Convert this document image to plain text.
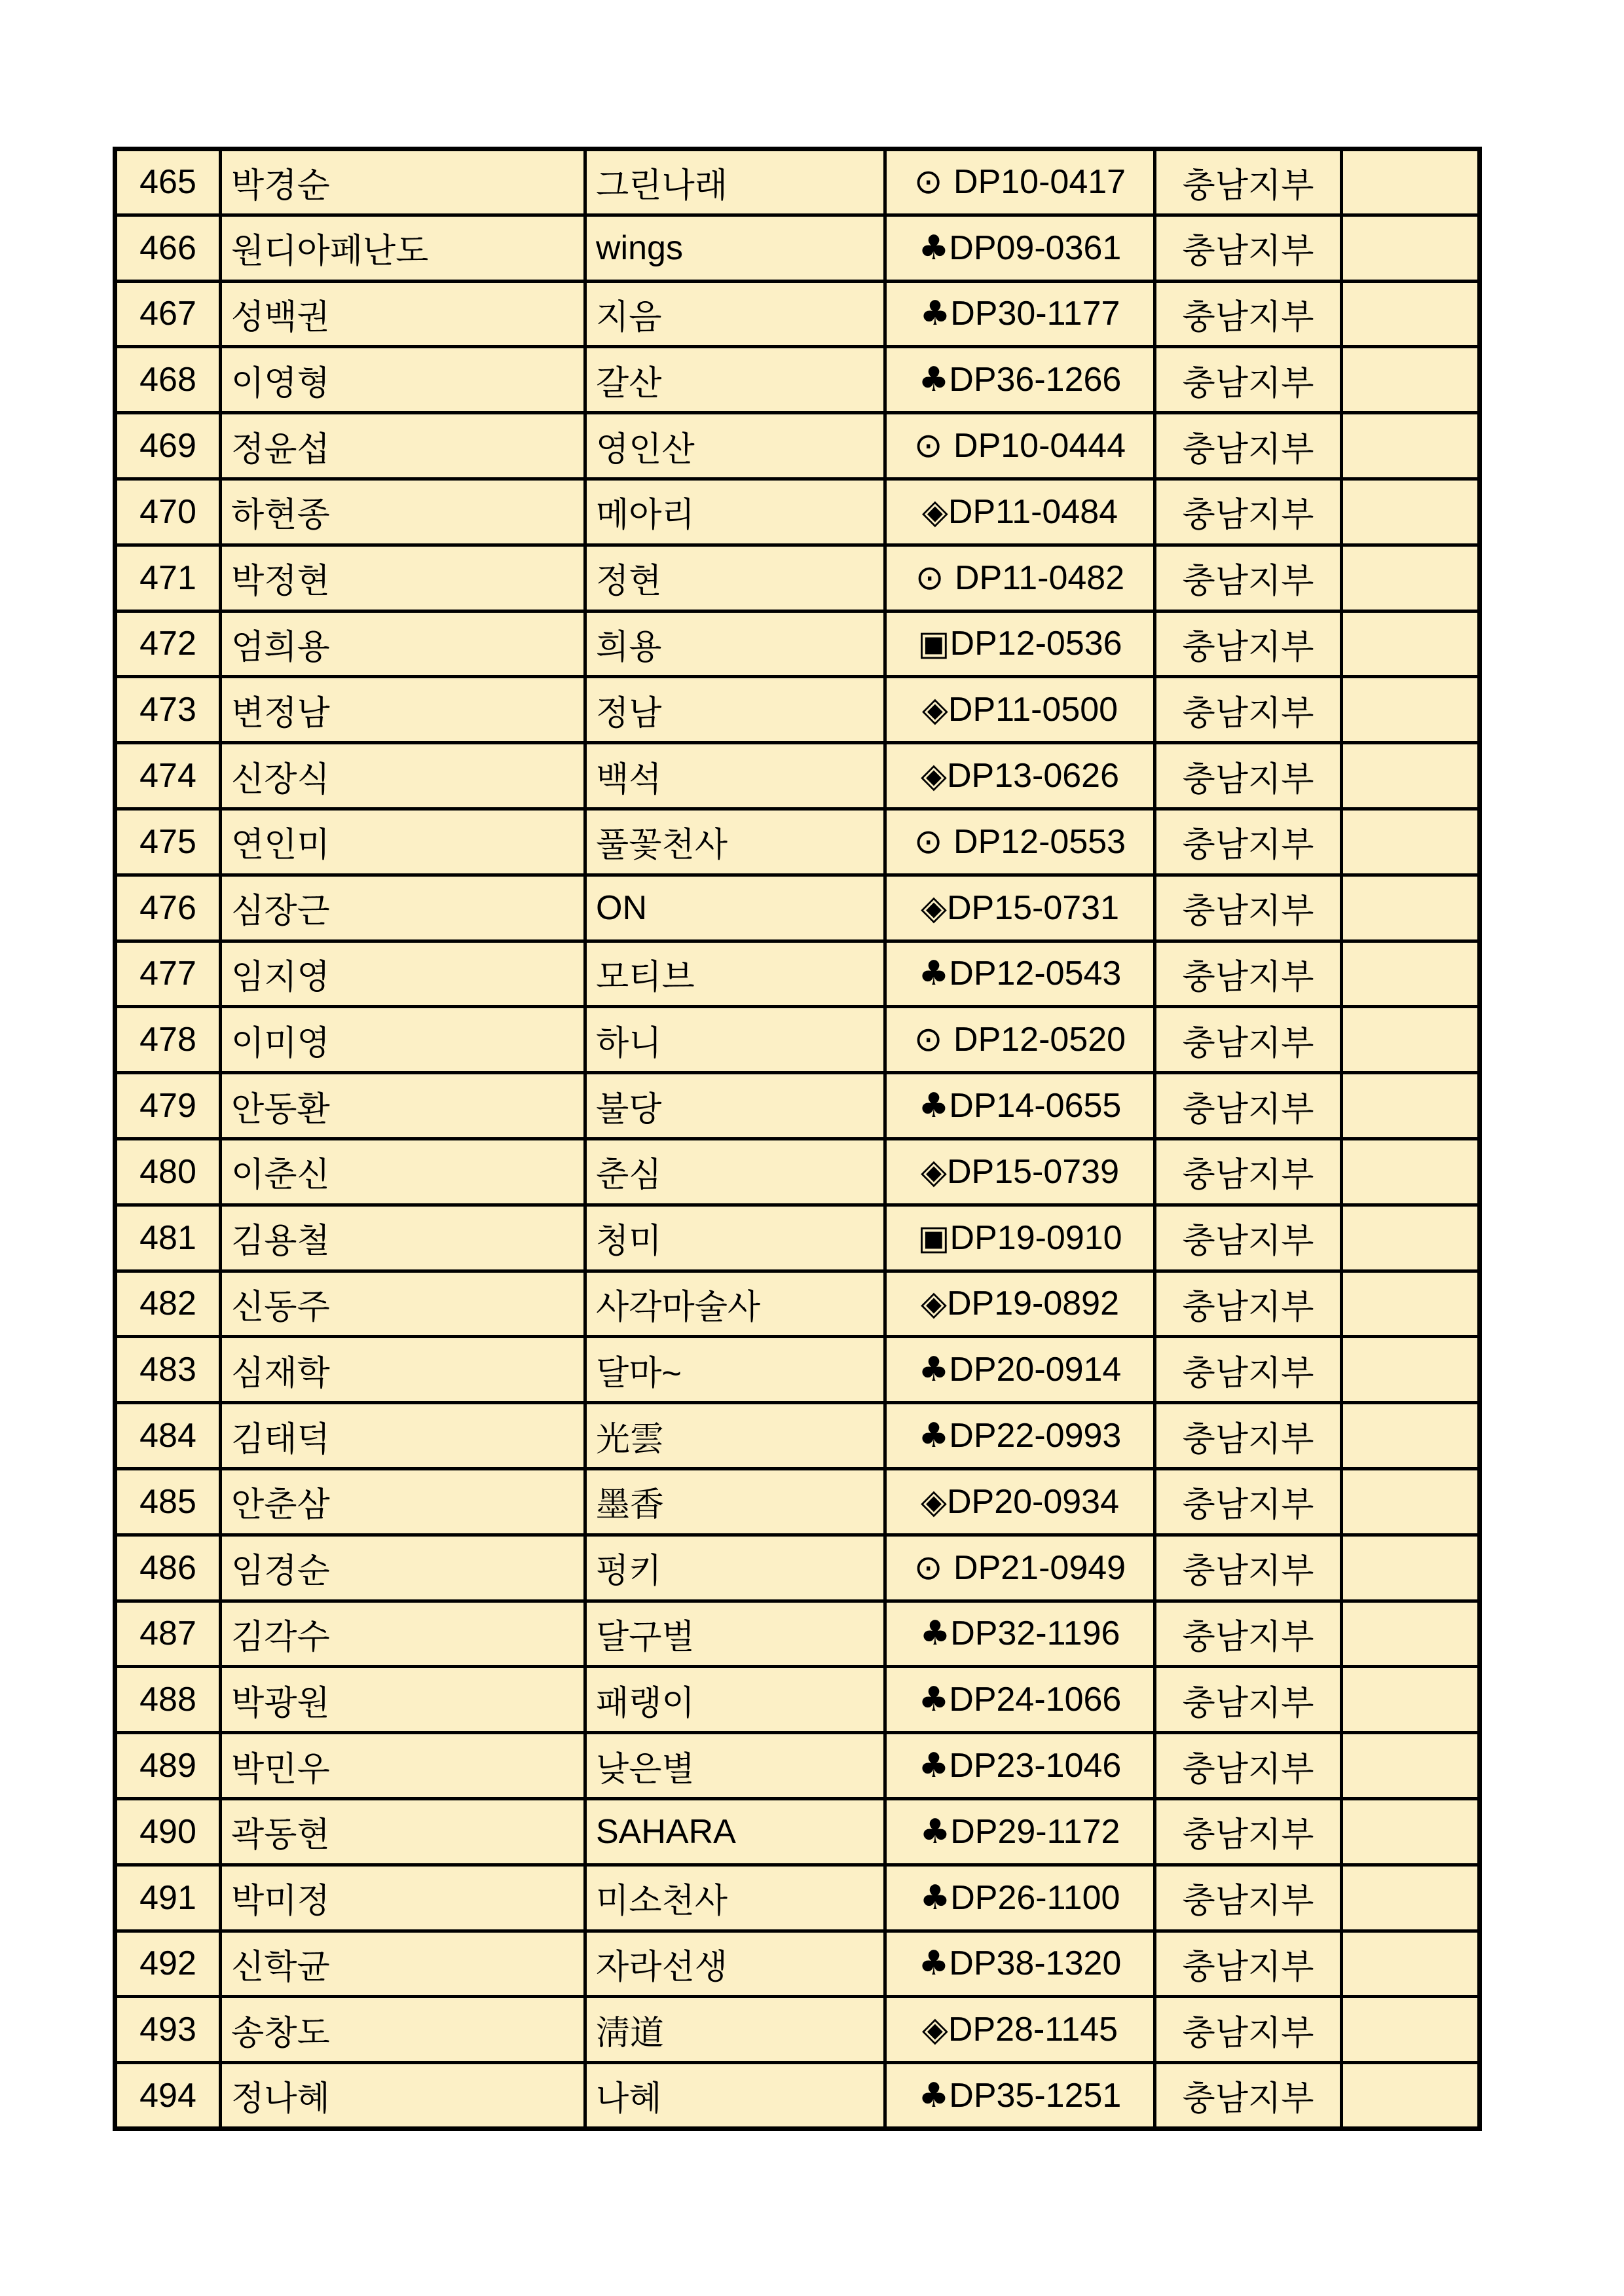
465	박경순	그린나래	⊙ DP10-0417	충남지부	
466	원디아페난도	wings	♣DP09-0361	충남지부	
467	성백권	지음	♣DP30-1177	충남지부	
468	이영형	갈산	♣DP36-1266	충남지부	
469	정윤섭	영인산	⊙ DP10-0444	충남지부	
470	하현종	메아리	◈DP11-0484	충남지부	
471	박정현	정현	⊙ DP11-0482	충남지부	
472	엄희용	희용	▣DP12-0536	충남지부	
473	변정남	정남	◈DP11-0500	충남지부	
474	신장식	백석	◈DP13-0626	충남지부	
475	연인미	풀꽃천사	⊙ DP12-0553	충남지부	
476	심장근	ON	◈DP15-0731	충남지부	
477	임지영	모티브	♣DP12-0543	충남지부	
478	이미영	하니	⊙ DP12-0520	충남지부	
479	안동환	불당	♣DP14-0655	충남지부	
480	이춘신	춘심	◈DP15-0739	충남지부	
481	김용철	청미	▣DP19-0910	충남지부	
482	신동주	사각마술사	◈DP19-0892	충남지부	
483	심재학	달마~	♣DP20-0914	충남지부	
484	김태덕	光雲	♣DP22-0993	충남지부	
485	안춘삼	墨香	◈DP20-0934	충남지부	
486	임경순	펑키	⊙ DP21-0949	충남지부	
487	김각수	달구벌	♣DP32-1196	충남지부	
488	박광원	패랭이	♣DP24-1066	충남지부	
489	박민우	낮은별	♣DP23-1046	충남지부	
490	곽동현	SAHARA	♣DP29-1172	충남지부	
491	박미정	미소천사	♣DP26-1100	충남지부	
492	신학균	자라선생	♣DP38-1320	충남지부	
493	송창도	淸道	◈DP28-1145	충남지부	
494	정나혜	나혜	♣DP35-1251	충남지부	
